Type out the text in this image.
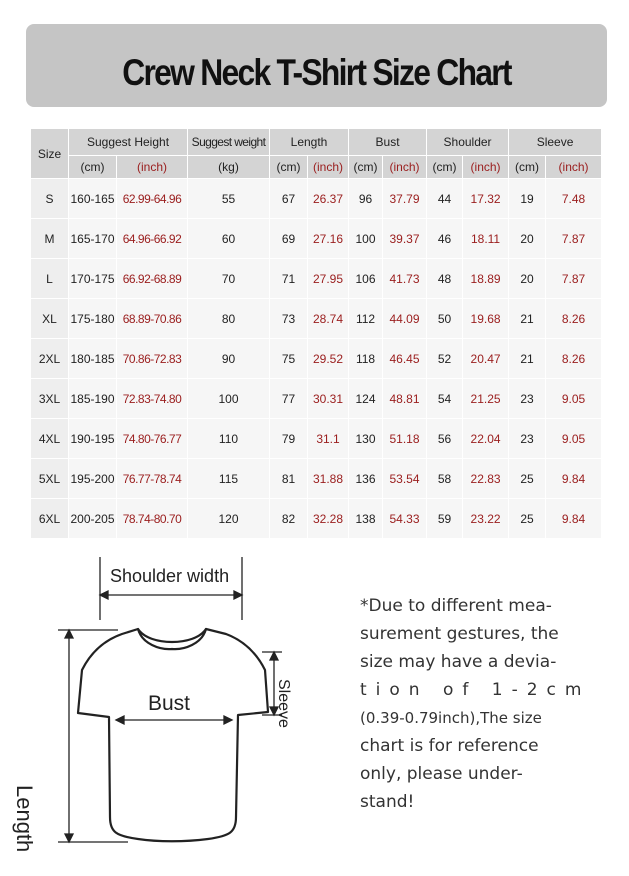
Crew Neck T-Shirt Size Chart
Size	Suggest Height		Suggest weight	Length		Bust		Shoulder		Sleeve	
	(cm)	(inch)	(kg)	(cm)	(inch)	(cm)	(inch)	(cm)	(inch)	(cm)	(inch)
S	160-165	62.99-64.96	55	67	26.37	96	37.79	44	17.32	19	7.48
M	165-170	64.96-66.92	60	69	27.16	100	39.37	46	18.11	20	7.87
L	170-175	66.92-68.89	70	71	27.95	106	41.73	48	18.89	20	7.87
XL	175-180	68.89-70.86	80	73	28.74	112	44.09	50	19.68	21	8.26
2XL	180-185	70.86-72.83	90	75	29.52	118	46.45	52	20.47	21	8.26
3XL	185-190	72.83-74.80	100	77	30.31	124	48.81	54	21.25	23	9.05
4XL	190-195	74.80-76.77	110	79	31.1	130	51.18	56	22.04	23	9.05
5XL	195-200	76.77-78.74	115	81	31.88	136	53.54	58	22.83	25	9.84
6XL	200-205	78.74-80.70	120	82	32.28	138	54.33	59	23.22	25	9.84
Shoulder width
Bust	Sleeve
Length
*Due to different mea-
surement gestures, the
size may have a devia-
tion of 1-2cm
(0.39-0.79inch),The size
chart is for reference
only, please under-
stand!
